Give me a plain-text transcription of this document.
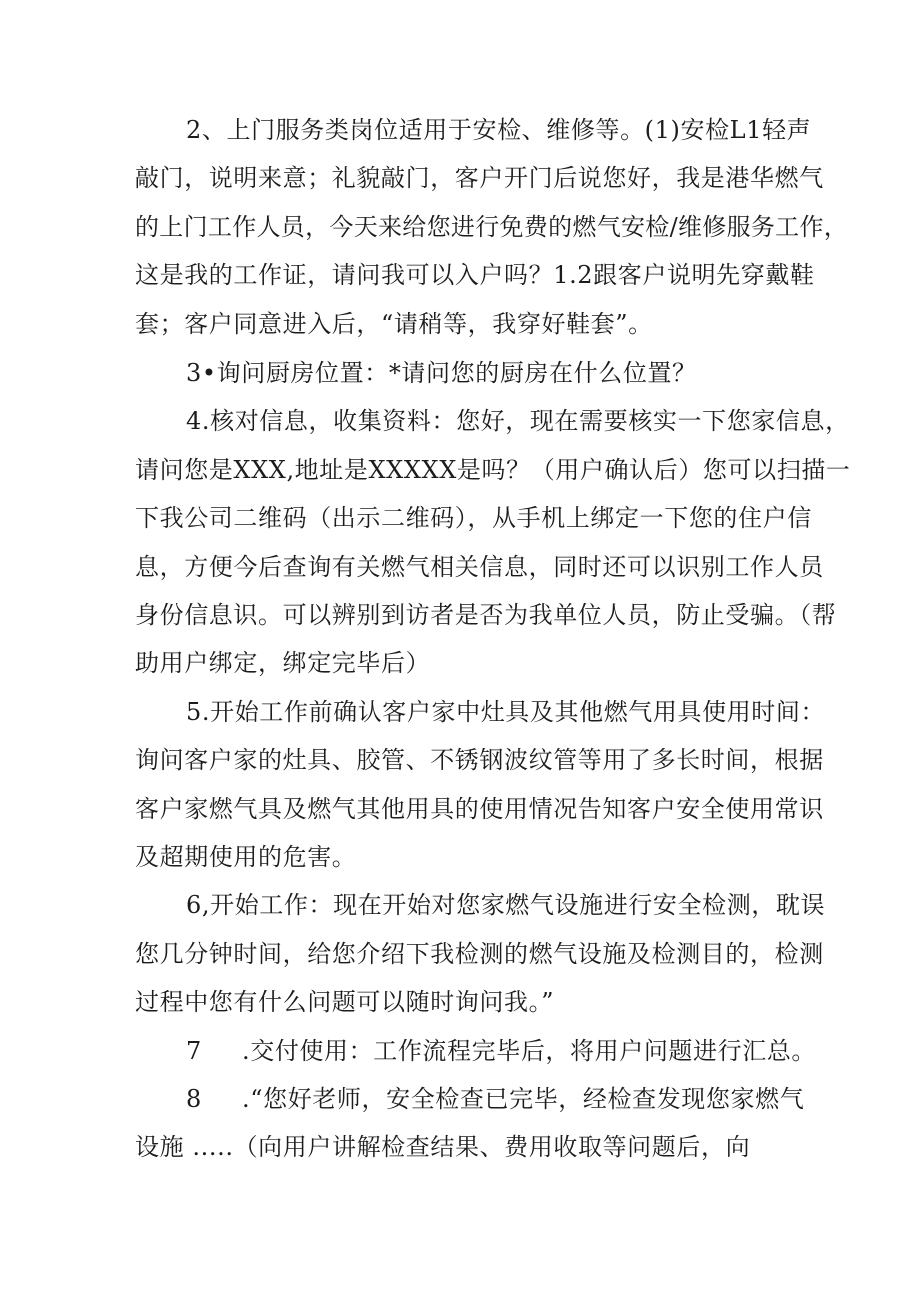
2、上门服务类岗位适用于安检、维修等。(1)安检L1轻声
敲门，说明来意；礼貌敲门，客户开门后说您好，我是港华燃气
的上门工作人员，今天来给您进行免费的燃气安检/维修服务工作，
这是我的工作证，请问我可以入户吗？1.2跟客户说明先穿戴鞋
套；客户同意进入后，“请稍等，我穿好鞋套”。
3•询问厨房位置：*请问您的厨房在什么位置？
4.核对信息，收集资料：您好，现在需要核实一下您家信息，
请问您是XXX,地址是XXXXX是吗？（用户确认后）您可以扫描一
下我公司二维码（出示二维码），从手机上绑定一下您的住户信
息，方便今后查询有关燃气相关信息，同时还可以识别工作人员
身份信息识。可以辨别到访者是否为我单位人员，防止受骗。（帮
助用户绑定，绑定完毕后）
5.开始工作前确认客户家中灶具及其他燃气用具使用时间：
询问客户家的灶具、胶管、不锈钢波纹管等用了多长时间，根据
客户家燃气具及燃气其他用具的使用情况告知客户安全使用常识
及超期使用的危害。
6,开始工作：现在开始对您家燃气设施进行安全检测，耽误
您几分钟时间，给您介绍下我检测的燃气设施及检测目的，检测
过程中您有什么问题可以随时询问我。”
7 .交付使用：工作流程完毕后，将用户问题进行汇总。
8 .“您好老师，安全检查已完毕，经检查发现您家燃气
设施 .....（向用户讲解检查结果、费用收取等问题后，向
